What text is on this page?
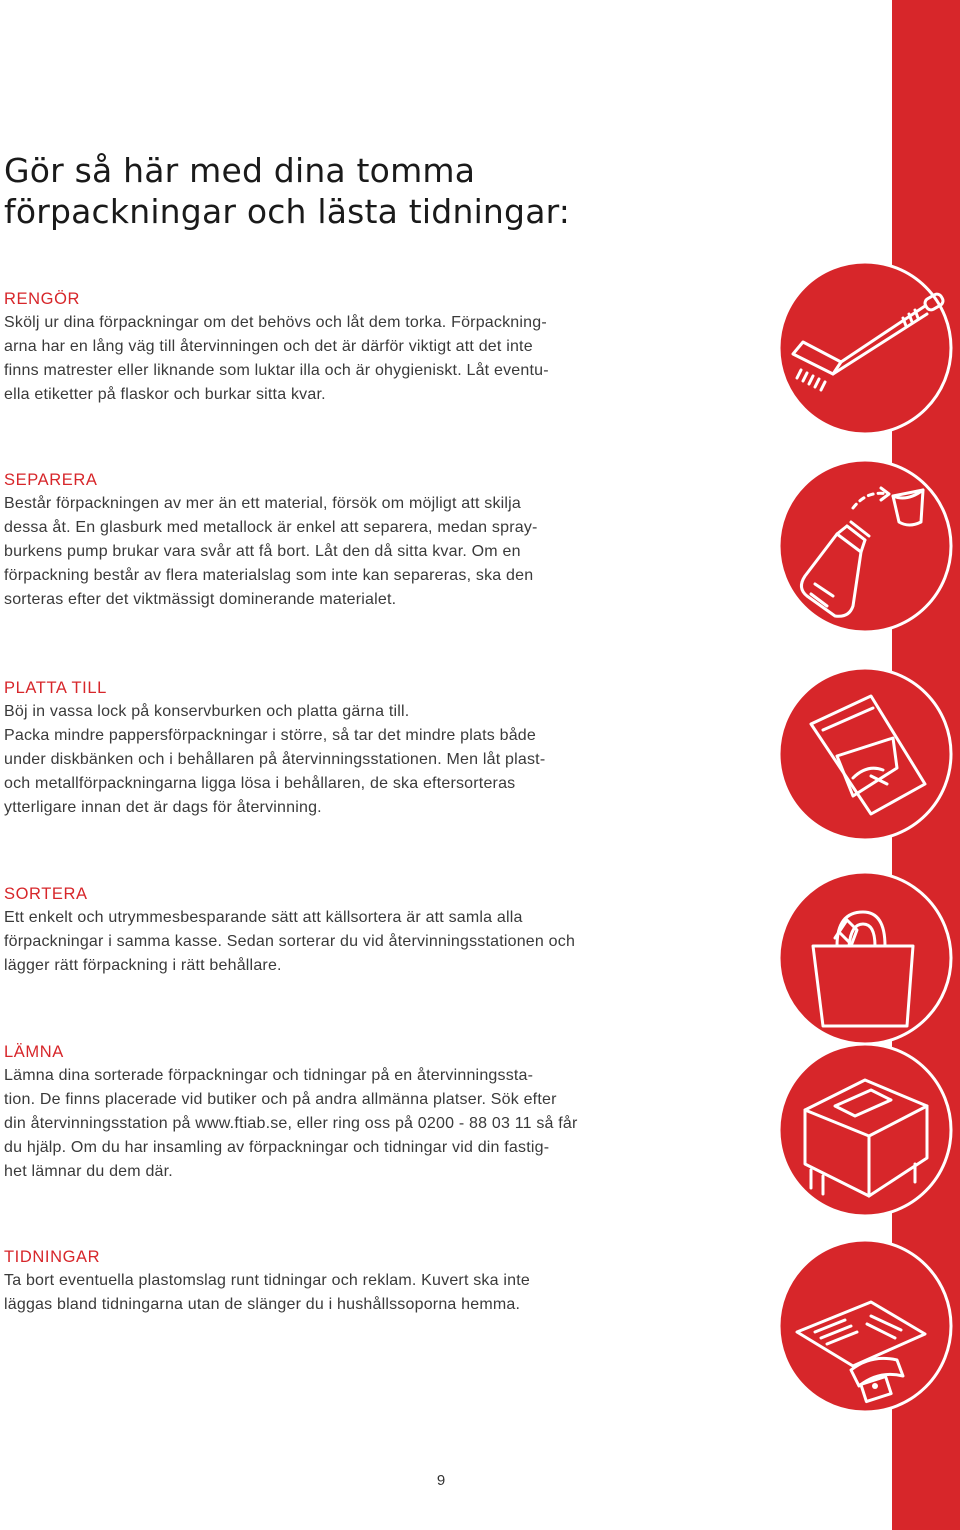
Gör så här med dina tomma
förpackningar och lästa tidningar:
RENGÖR

Skölj ur dina förpackningar om det behövs och låt dem torka. Förpackning-
arna har en lång väg till återvinningen och det är därför viktigt att det inte
finns matrester eller liknande som luktar illa och är ohygieniskt. Låt eventu-
ella etiketter på flaskor och burkar sitta kvar.

SEPARERA

Består förpackningen av mer än ett material, försök om möjligt att skilja
dessa åt. En glasburk med metallock är enkel att separera, medan spray-
burkens pump brukar vara svår att få bort. Låt den då sitta kvar. Om en
förpackning består av flera materialslag som inte kan separeras, ska den
sorteras efter det viktmässigt dominerande materialet.

PLATTA TILL

Böj in vassa lock på konservburken och platta gärna till.
Packa mindre pappersförpackningar i större, så tar det mindre plats både
under diskbänken och i behållaren på återvinningsstationen. Men låt plast-
och metallförpackningarna ligga lösa i behållaren, de ska eftersorteras
ytterligare innan det är dags för återvinning.

SORTERA

Ett enkelt och utrymmesbesparande sätt att källsortera är att samla alla
förpackningar i samma kasse. Sedan sorterar du vid återvinningsstationen och
lägger rätt förpackning i rätt behållare.

LÄMNA

Lämna dina sorterade förpackningar och tidningar på en återvinningssta-
tion. De finns placerade vid butiker och på andra allmänna platser. Sök efter
din återvinningsstation på www.ftiab.se, eller ring oss på 0200 - 88 03 11 så får
du hjälp. Om du har insamling av förpackningar och tidningar vid din fastig-
het lämnar du dem där.

TIDNINGAR

Ta bort eventuella plastomslag runt tidningar och reklam. Kuvert ska inte
läggas bland tidningarna utan de slänger du i hushållssoporna hemma.

9
